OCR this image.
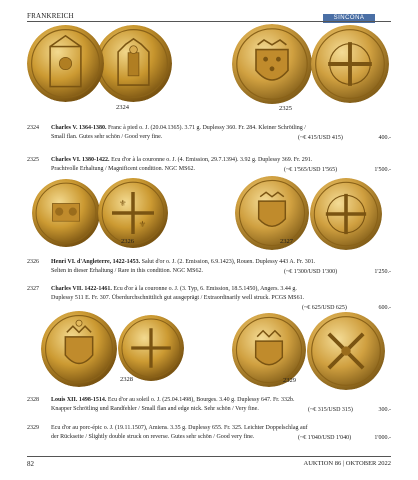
FRANKREICH	SINCONA
2324	2325
2324 Charles V. 1364-1380. Franc à pied o. J. (20.04.1365). 3.71 g. Duplessy 360. Fr. 284. Kleiner Schrötling /
Small flan. Gutes sehr schön / Good very fine.	(~€ 415/USD 415)	400.-
2325 Charles VI. 1380-1422. Ecu d'or à la couronne o. J. (4. Emission, 29.7.1394). 3.92 g. Duplessy 369. Fr. 291.
Prachtvolle Erhaltung / Magnificent condition. NGC MS62.	(~€ 1'565/USD 1'565)	1'500.-
⚜
⚜
2326	2327
2326 Henri VI. d'Angleterre, 1422-1453. Salut d'or o. J. (2. Emission, 6.9.1423), Rouen. Duplessy 443 A. Fr. 301.
Selten in dieser Erhaltung / Rare in this condition. NGC MS62.	(~€ 1'300/USD 1'300)	1'250.-
2327 Charles VII. 1422-1461. Ecu d'or à la couronne o. J. (3. Typ, 6. Emission, 18.5.1450), Angers. 3.44 g.
Duplessy 511 E. Fr. 307. Überdurchschnittlich gut ausgeprägt / Extraordinarily well struck. PCGS MS61.
(~€ 625/USD 625)	600.-
2328	2329
2328 Louis XII. 1498-1514. Ecu d'or au soleil o. J. (25.04.1498), Bourges. 3.40 g. Duplessy 647. Fr. 332b.
Knapper Schrötling und Randfehler / Small flan and edge nick. Sehr schön / Very fine.	(~€ 315/USD 315)	300.-
2329 Ecu d'or au porc-épic o. J. (19.11.1507), Amiens. 3.35 g. Duplessy 655. Fr. 325. Leichter Doppelschlag auf
der Rückseite / Slightly double struck on reverse. Gutes sehr schön / Good very fine.	(~€ 1'040/USD 1'040)	1'000.-
82	AUKTION 86 | OKTOBER 2022
